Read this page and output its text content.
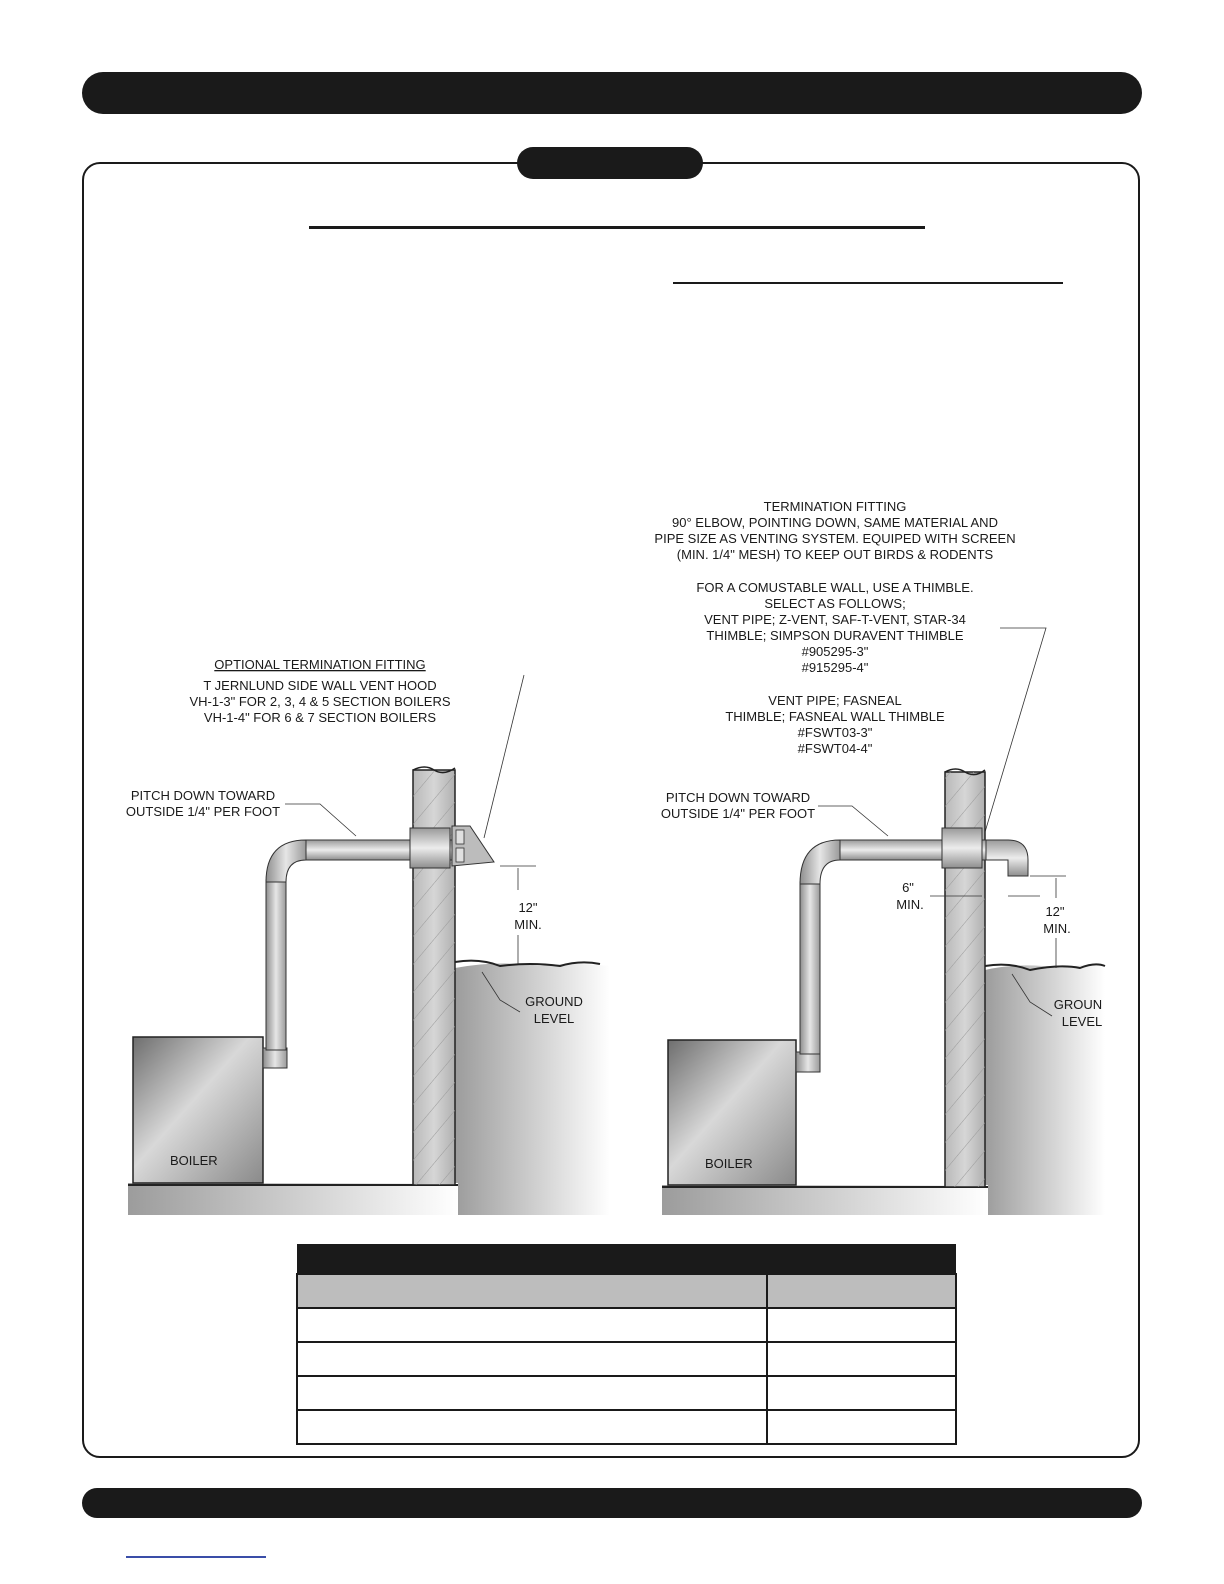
OPTIONAL TERMINATION FITTING
T JERNLUND SIDE WALL VENT HOOD
VH-1-3" FOR 2, 3, 4 & 5 SECTION BOILERS
VH-1-4" FOR 6 & 7 SECTION BOILERS
BOILER
PITCH DOWN TOWARD
OUTSIDE 1/4" PER FOOT
12"
MIN.
GROUND
LEVEL
TERMINATION FITTING
90° ELBOW, POINTING DOWN, SAME MATERIAL AND
PIPE SIZE AS VENTING SYSTEM. EQUIPED WITH SCREEN
(MIN. 1/4" MESH) TO KEEP OUT BIRDS & RODENTS
FOR A COMUSTABLE WALL, USE A THIMBLE.
SELECT AS FOLLOWS;
VENT PIPE; Z-VENT, SAF-T-VENT, STAR-34
THIMBLE; SIMPSON DURAVENT THIMBLE
#905295-3"
#915295-4"
VENT PIPE; FASNEAL
THIMBLE; FASNEAL WALL THIMBLE
#FSWT03-3"
#FSWT04-4"
BOILER
PITCH DOWN TOWARD
OUTSIDE 1/4" PER FOOT
6"
MIN.	12"
MIN.
GROUN
LEVEL
